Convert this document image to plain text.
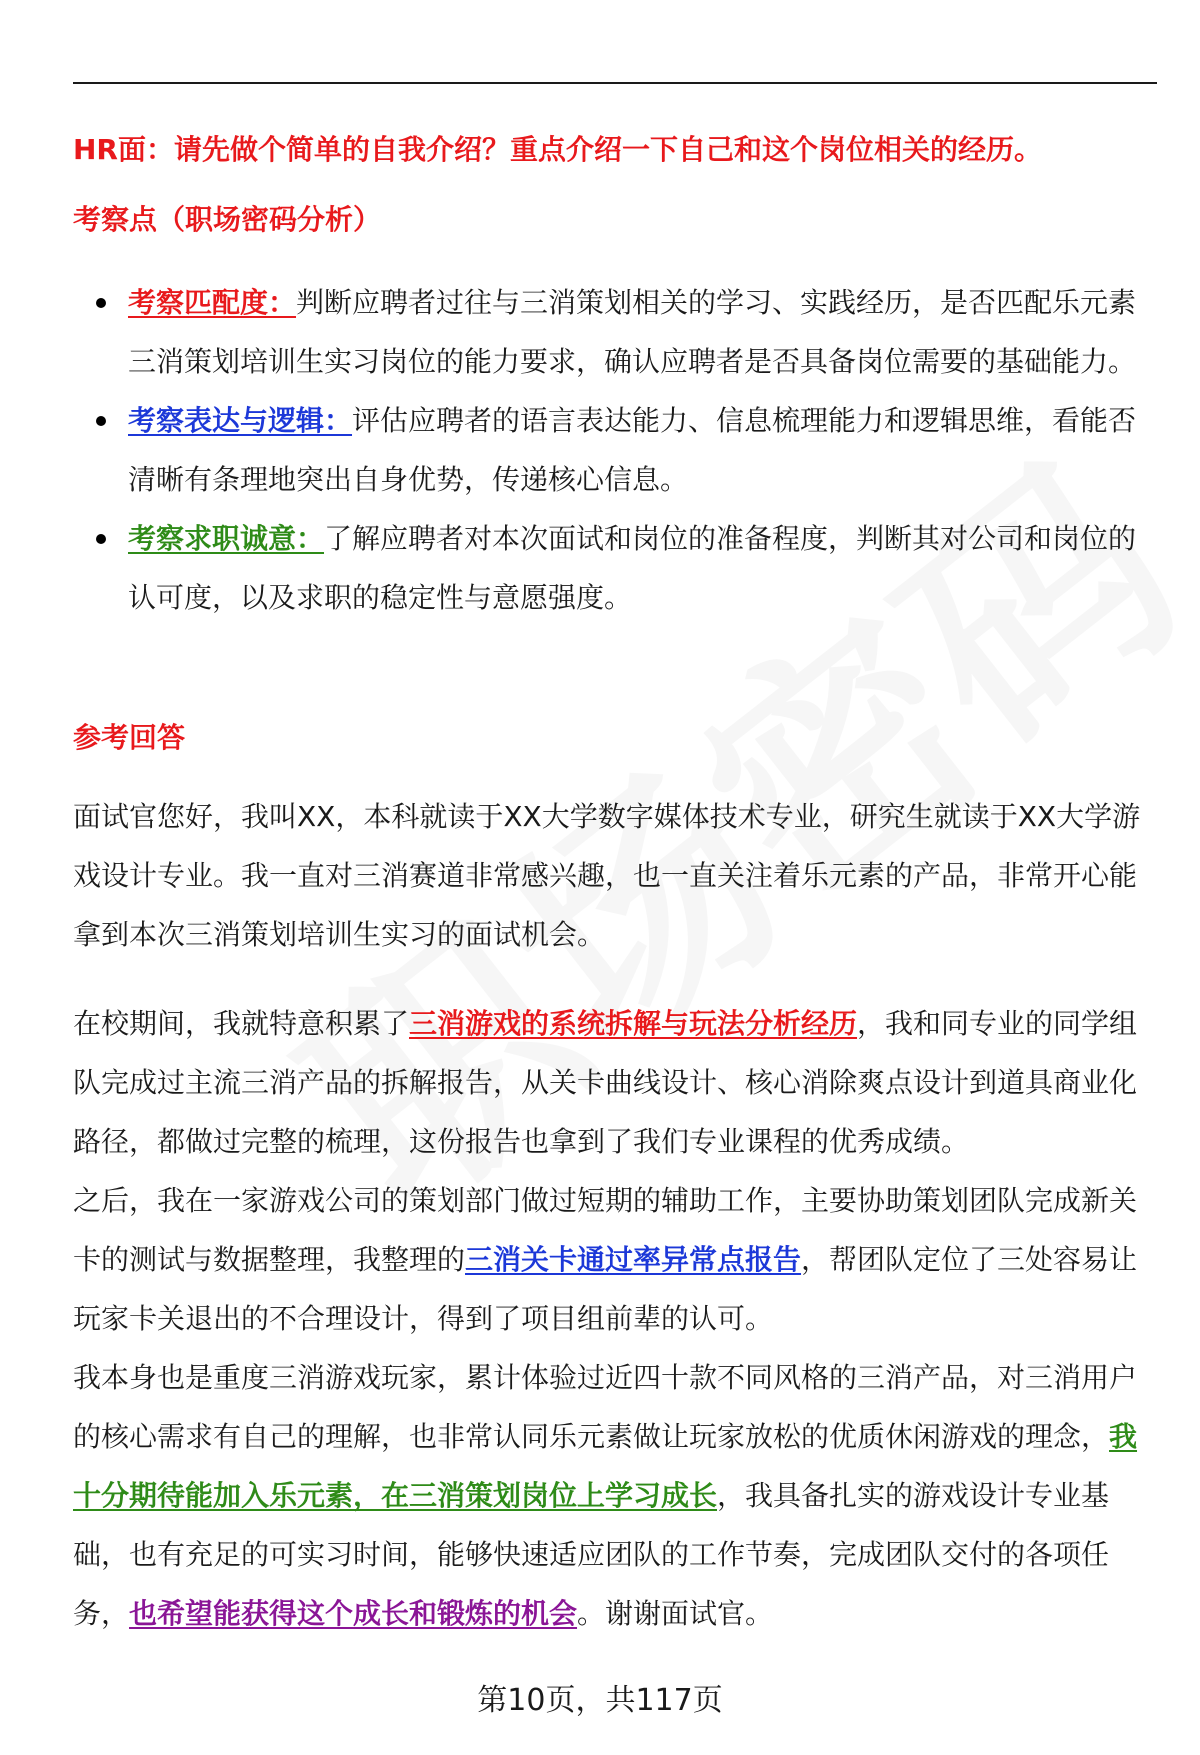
HR面：请先做个简单的自我介绍？重点介绍一下自己和这个岗位相关的经历。
考察点（职场密码分析）
考察匹配度：判断应聘者过往与三消策划相关的学习、实践经历，是否匹配乐元素三消策划培训生实习岗位的能力要求，确认应聘者是否具备岗位需要的基础能力。
考察表达与逻辑：评估应聘者的语言表达能力、信息梳理能力和逻辑思维，看能否清晰有条理地突出自身优势，传递核心信息。
考察求职诚意：了解应聘者对本次面试和岗位的准备程度，判断其对公司和岗位的认可度，以及求职的稳定性与意愿强度。
参考回答

面试官您好，我叫XX，本科就读于XX大学数字媒体技术专业，研究生就读于XX大学游戏设计专业。我一直对三消赛道非常感兴趣，也一直关注着乐元素的产品，非常开心能拿到本次三消策划培训生实习的面试机会。

在校期间，我就特意积累了三消游戏的系统拆解与玩法分析经历，我和同专业的同学组队完成过主流三消产品的拆解报告，从关卡曲线设计、核心消除爽点设计到道具商业化路径，都做过完整的梳理，这份报告也拿到了我们专业课程的优秀成绩。

之后，我在一家游戏公司的策划部门做过短期的辅助工作，主要协助策划团队完成新关卡的测试与数据整理，我整理的三消关卡通过率异常点报告，帮团队定位了三处容易让玩家卡关退出的不合理设计，得到了项目组前辈的认可。

我本身也是重度三消游戏玩家，累计体验过近四十款不同风格的三消产品，对三消用户的核心需求有自己的理解，也非常认同乐元素做让玩家放松的优质休闲游戏的理念，我十分期待能加入乐元素，在三消策划岗位上学习成长，我具备扎实的游戏设计专业基础，也有充足的可实习时间，能够快速适应团队的工作节奏，完成团队交付的各项任务，也希望能获得这个成长和锻炼的机会。谢谢面试官。

第10页，共117页
